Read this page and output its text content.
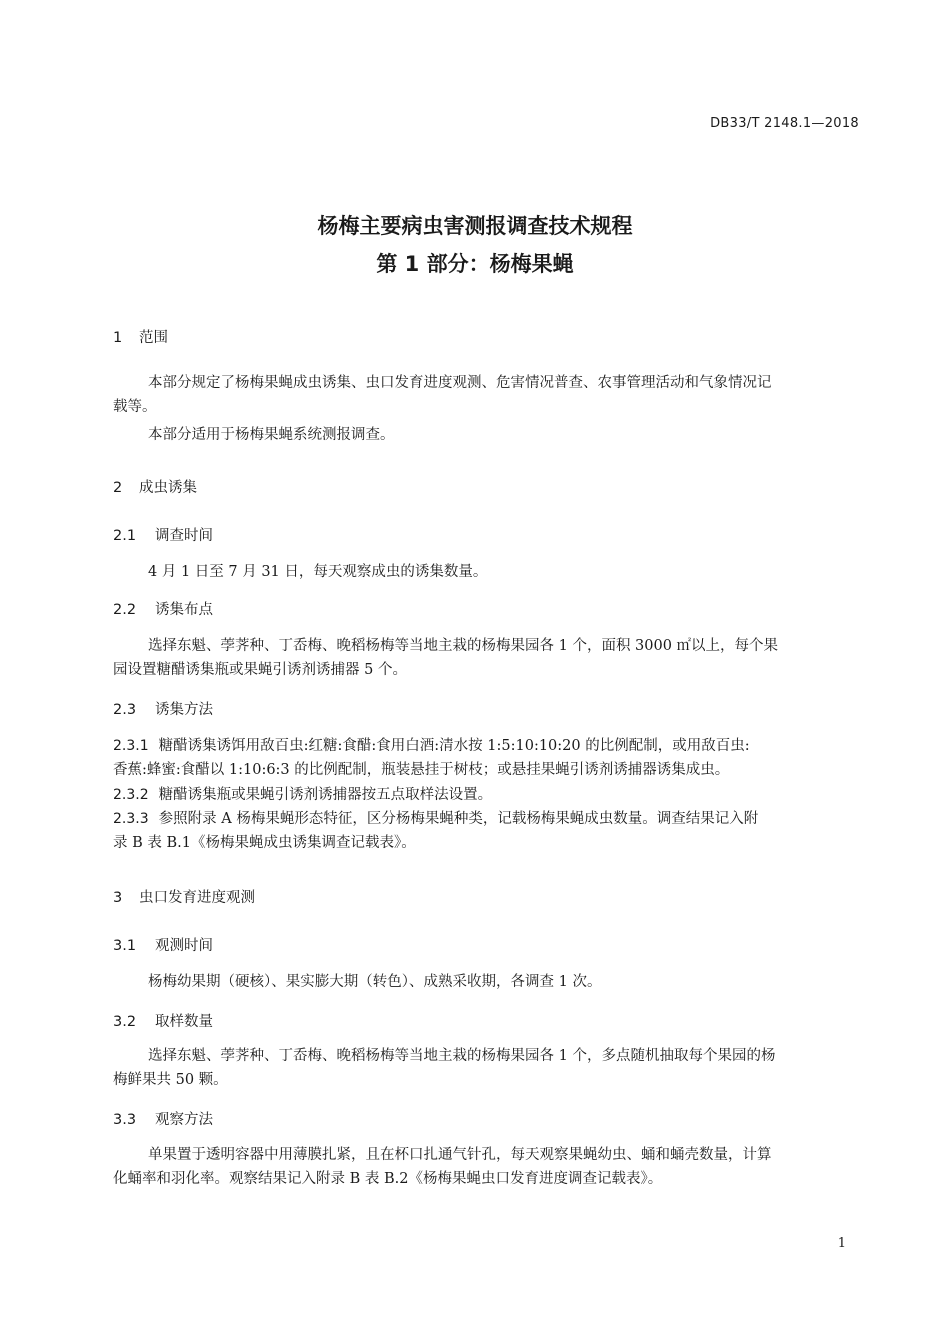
DB33/T 2148.1—2018
杨梅主要病虫害测报调查技术规程
第 1 部分：杨梅果蝇
1 范围
本部分规定了杨梅果蝇成虫诱集、虫口发育进度观测、危害情况普查、农事管理活动和气象情况记
载等。
本部分适用于杨梅果蝇系统测报调查。
2 成虫诱集
2.1 调查时间
4 月 1 日至 7 月 31 日，每天观察成虫的诱集数量。
2.2 诱集布点
选择东魁、荸荠种、丁岙梅、晚稻杨梅等当地主栽的杨梅果园各 1 个，面积 3000 ㎡以上，每个果
园设置糖醋诱集瓶或果蝇引诱剂诱捕器 5 个。
2.3 诱集方法
2.3.1 糖醋诱集诱饵用敌百虫:红糖:食醋:食用白酒:清水按 1:5:10:10:20 的比例配制，或用敌百虫:
香蕉:蜂蜜:食醋以 1:10:6:3 的比例配制，瓶装悬挂于树枝；或悬挂果蝇引诱剂诱捕器诱集成虫。
2.3.2 糖醋诱集瓶或果蝇引诱剂诱捕器按五点取样法设置。
2.3.3 参照附录 A 杨梅果蝇形态特征，区分杨梅果蝇种类，记载杨梅果蝇成虫数量。调查结果记入附
录 B 表 B.1《杨梅果蝇成虫诱集调查记载表》。
3 虫口发育进度观测
3.1 观测时间
杨梅幼果期（硬核）、果实膨大期（转色）、成熟采收期，各调查 1 次。
3.2 取样数量
选择东魁、荸荠种、丁岙梅、晚稻杨梅等当地主栽的杨梅果园各 1 个，多点随机抽取每个果园的杨
梅鲜果共 50 颗。
3.3 观察方法
单果置于透明容器中用薄膜扎紧，且在杯口扎通气针孔，每天观察果蝇幼虫、蛹和蛹壳数量，计算
化蛹率和羽化率。观察结果记入附录 B 表 B.2《杨梅果蝇虫口发育进度调查记载表》。
1
